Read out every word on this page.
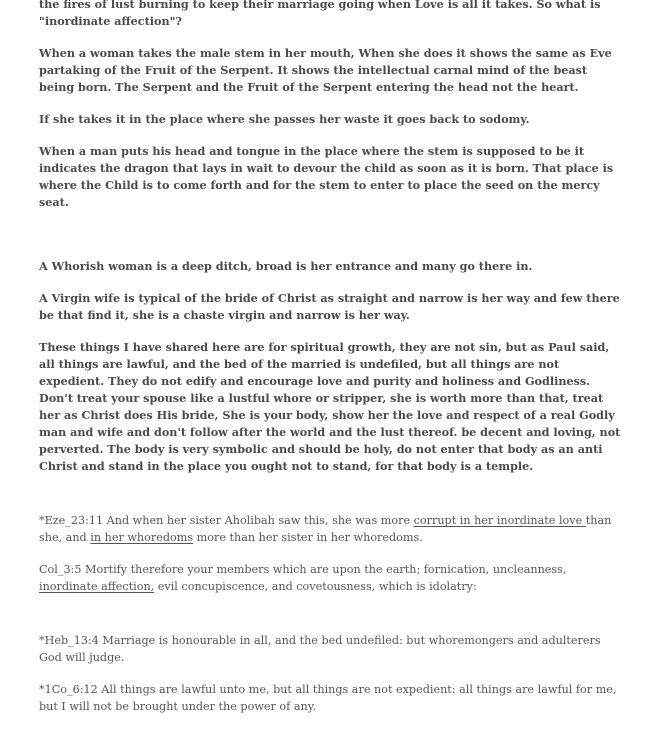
the fires of lust burning to keep their marriage going when Love is all it takes. So what is "inordinate affection"?

When a woman takes the male stem in her mouth, When she does it shows the same as Eve partaking of the Fruit of the Serpent. It shows the intellectual carnal mind of the beast being born. The Serpent and the Fruit of the Serpent entering the head not the heart.

If she takes it in the place where she passes her waste it goes back to sodomy.

When a man puts his head and tongue in the place where the stem is supposed to be it indicates the dragon that lays in wait to devour the child as soon as it is born. That place is where the Child is to come forth and for the stem to enter to place the seed on the mercy seat.

A Whorish woman is a deep ditch, broad is her entrance and many go there in.

A Virgin wife is typical of the bride of Christ as straight and narrow is her way and few there be that find it, she is a chaste virgin and narrow is her way.

These things I have shared here are for spiritual growth, they are not sin, but as Paul said, all things are lawful, and the bed of the married is undefiled, but all things are not expedient. They do not edify and encourage love and purity and holiness and Godliness. Don't treat your spouse like a lustful whore or stripper, she is worth more than that, treat her as Christ does His bride, She is your body, show her the love and respect of a real Godly man and wife and don't follow after the world and the lust thereof. be decent and loving, not perverted. The body is very symbolic and should be holy, do not enter that body as an anti Christ and stand in the place you ought not to stand, for that body is a temple.

*Eze_23:11 And when her sister Aholibah saw this, she was more corrupt in her inordinate love than she, and in her whoredoms more than her sister in her whoredoms.

Col_3:5 Mortify therefore your members which are upon the earth; fornication, uncleanness, inordinate affection, evil concupiscence, and covetousness, which is idolatry:

*Heb_13:4 Marriage is honourable in all, and the bed undefiled: but whoremongers and adulterers God will judge.

*1Co_6:12 All things are lawful unto me, but all things are not expedient: all things are lawful for me, but I will not be brought under the power of any.
